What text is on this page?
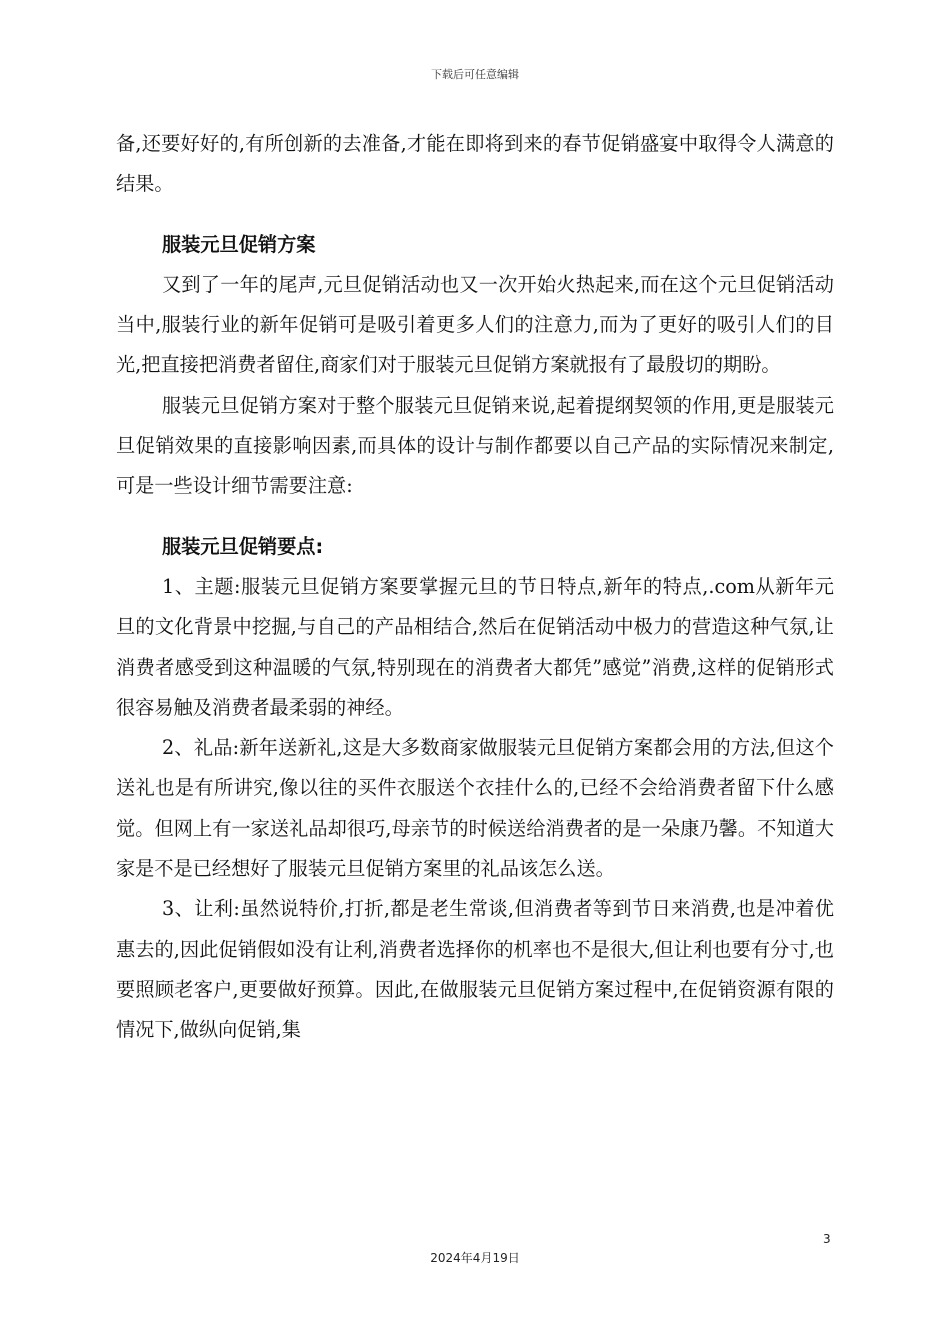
下载后可任意编辑

备,还要好好的,有所创新的去准备,才能在即将到来的春节促销盛宴中取得令人满意的结果。

服装元旦促销方案

又到了一年的尾声,元旦促销活动也又一次开始火热起来,而在这个元旦促销活动当中,服装行业的新年促销可是吸引着更多人们的注意力,而为了更好的吸引人们的目光,把直接把消费者留住,商家们对于服装元旦促销方案就报有了最殷切的期盼。

服装元旦促销方案对于整个服装元旦促销来说,起着提纲契领的作用,更是服装元旦促销效果的直接影响因素,而具体的设计与制作都要以自己产品的实际情况来制定,可是一些设计细节需要注意:

服装元旦促销要点:

1、主题:服装元旦促销方案要掌握元旦的节日特点,新年的特点,.com从新年元旦的文化背景中挖掘,与自己的产品相结合,然后在促销活动中极力的营造这种气氛,让消费者感受到这种温暖的气氛,特别现在的消费者大都凭”感觉”消费,这样的促销形式很容易触及消费者最柔弱的神经。

2、礼品:新年送新礼,这是大多数商家做服装元旦促销方案都会用的方法,但这个送礼也是有所讲究,像以往的买件衣服送个衣挂什么的,已经不会给消费者留下什么感觉。但网上有一家送礼品却很巧,母亲节的时候送给消费者的是一朵康乃馨。不知道大家是不是已经想好了服装元旦促销方案里的礼品该怎么送。

3、让利:虽然说特价,打折,都是老生常谈,但消费者等到节日来消费,也是冲着优惠去的,因此促销假如没有让利,消费者选择你的机率也不是很大,但让利也要有分寸,也要照顾老客户,更要做好预算。因此,在做服装元旦促销方案过程中,在促销资源有限的情况下,做纵向促销,集

3
2024年4月19日
